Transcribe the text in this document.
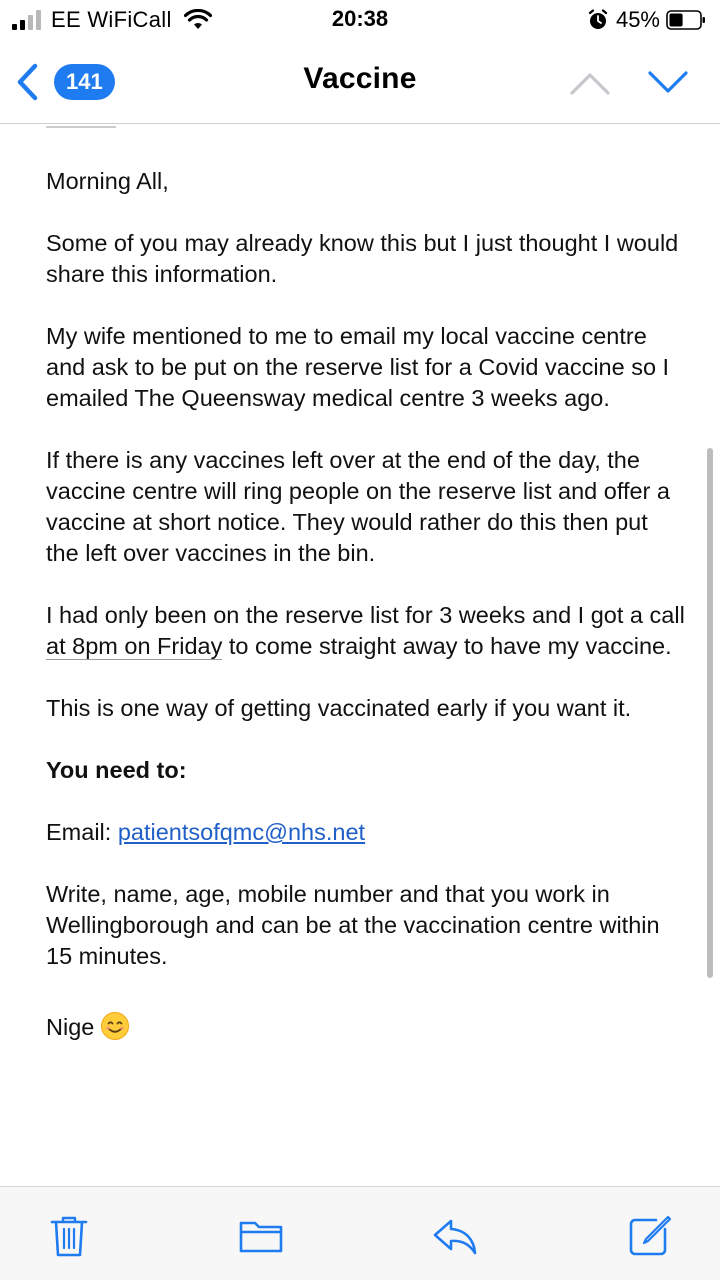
EE WiFiCall	20:38	45%
141	Vaccine

Morning All,

Some of you may already know this but I just thought I would share this information.

My wife mentioned to me to email my local vaccine centre and ask to be put on the reserve list for a Covid vaccine so I emailed The Queensway medical centre 3 weeks ago.

If there is any vaccines left over at the end of the day, the vaccine centre will ring people on the reserve list and offer a vaccine at short notice. They would rather do this then put the left over vaccines in the bin.

I had only been on the reserve list for 3 weeks and I got a call at 8pm on Friday to come straight away to have my vaccine.

This is one way of getting vaccinated early if you want it.

You need to:

Email: patientsofqmc@nhs.net

Write, name, age, mobile number and that you work in Wellingborough and can be at the vaccination centre within 15 minutes.

Nige
